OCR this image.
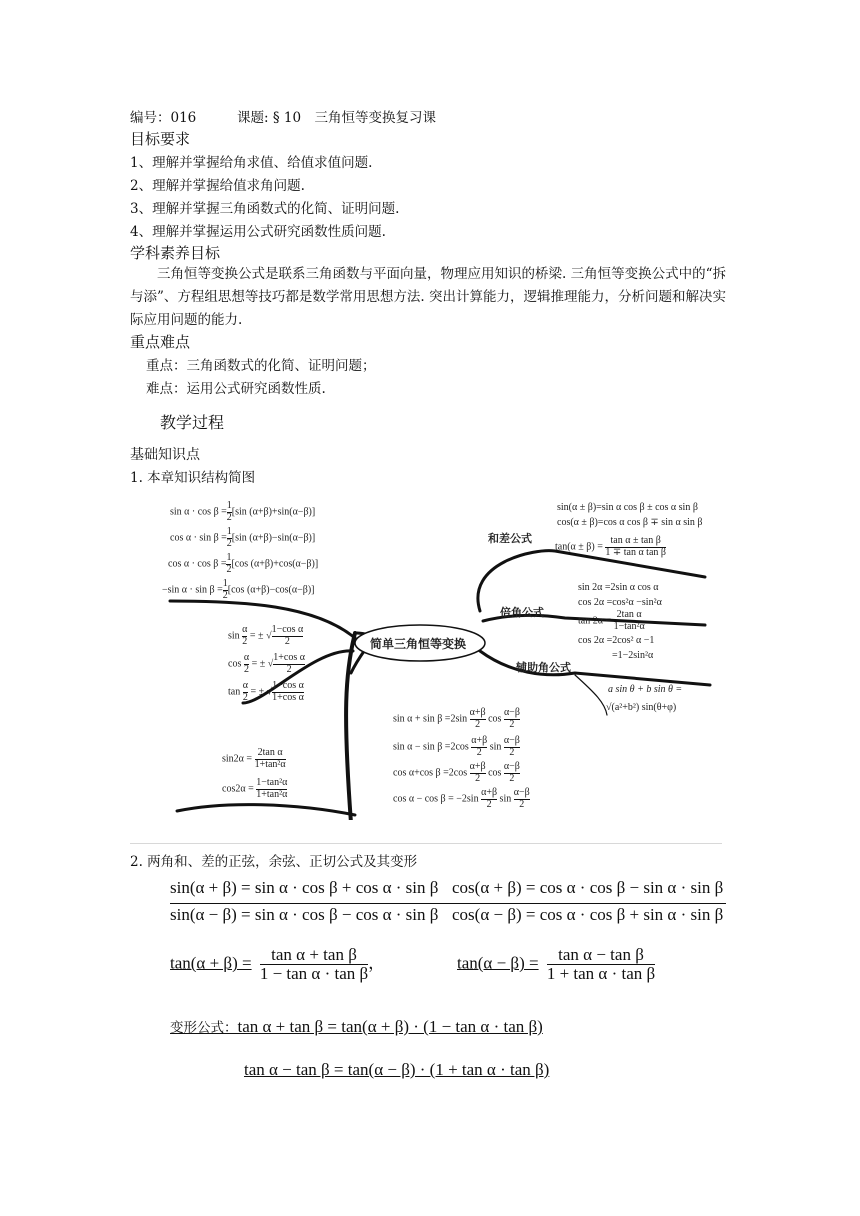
编号：016	课题: § 10　三角恒等变换复习课
目标要求
1、理解并掌握给角求值、给值求值问题.
2、理解并掌握给值求角问题.
3、理解并掌握三角函数式的化简、证明问题.
4、理解并掌握运用公式研究函数性质问题.
学科素养目标
三角恒等变换公式是联系三角函数与平面向量，物理应用知识的桥梁. 三角恒等变换公式中的“拆与添”、方程组思想等技巧都是数学常用思想方法. 突出计算能力，逻辑推理能力，分析问题和解决实际应用问题的能力.
重点难点
重点：三角函数式的化简、证明问题；
难点：运用公式研究函数性质.
教学过程
基础知识点
1. 本章知识结构简图
简单三角恒等变换
和差公式
倍角公式
辅助角公式
$\sin \alpha \cdot \cos \beta = \frac{1}{2} [\sin$ (α+β)+sin(α−β)]
$\cos \alpha \cdot \sin \beta = \frac{1}{2} [\sin$ (α+β)−sin(α−β)]
$\cos \alpha \cdot \cos \beta = \frac{1}{2} [\cos$ (α+β)+cos(α−β)]
−sin $\alpha \cdot \sin \beta = \frac{1}{2} [\cos$ (α+β)−cos(α−β)]
$\sin \frac{\alpha}{2}$ = ± √ $\frac{\text{1−cos α}}{2}$
$\cos \frac{\alpha}{2}$ = ± √ $\frac{\text{1+cos α}}{2}$
$\tan \frac{\alpha}{2}$ = ± √ $\frac{\text{1−cos α}}{\text{1+cos α}}$
$\sin 2\alpha = \frac{\text{2tan α}}{\text{1+tan²α}}$
$\cos 2\alpha = \frac{\text{1−tan²α}}{\text{1+tan²α}}$
$\sin \alpha + \sin \beta =2\sin \frac{\alpha+\beta}{2}$ $\cos \frac{\alpha-\beta}{2}$
$\sin \alpha - \sin \beta =2\cos \frac{\alpha+\beta}{2}$ $\sin \frac{\alpha-\beta}{2}$
cos α+cos $\beta =2\cos \frac{\alpha+\beta}{2}$ $\cos \frac{\alpha-\beta}{2}$
$\cos \alpha - \cos \beta = -2\sin \frac{\alpha+\beta}{2}$ $\sin \frac{\alpha-\beta}{2}$
sin(α ± β)=sin α cos β ± cos α sin β
cos(α ± β)=cos α cos β ∓ sin α sin β
$\tan(\alpha \pm \beta) = \frac{\text{tan α ± tan β}}{\text{1 ∓ tan α tan β}}$
sin 2α =2sin α cos α
cos 2α =cos²α −sin²α
$\tan 2\alpha = \frac{\text{2tan α}}{\text{1−tan²α}}$
cos 2α =2cos² α −1
=1−2sin²α
a sin θ + b sin θ =
√(a²+b²) sin(θ+φ)
2. 两角和、差的正弦，余弦、正切公式及其变形
sin(α + β) = sin α · cos β + cos α · sin β cos(α + β) = cos α · cos β − sin α · sin β
sin(α − β) = sin α · cos β − cos α · sin β cos(α − β) = cos α · cos β + sin α · sin β
$\tan(\alpha + \beta) = \frac{\text{tan α + tan β}}{\text{1 − tan α · tan β}}$ ，	$\tan(\alpha - \beta) = \frac{\text{tan α − tan β}}{\text{1 + tan α · tan β}}$
变形公式：tan α + tan β = tan(α + β) · (1 − tan α · tan β)
tan α − tan β = tan(α − β) · (1 + tan α · tan β)
